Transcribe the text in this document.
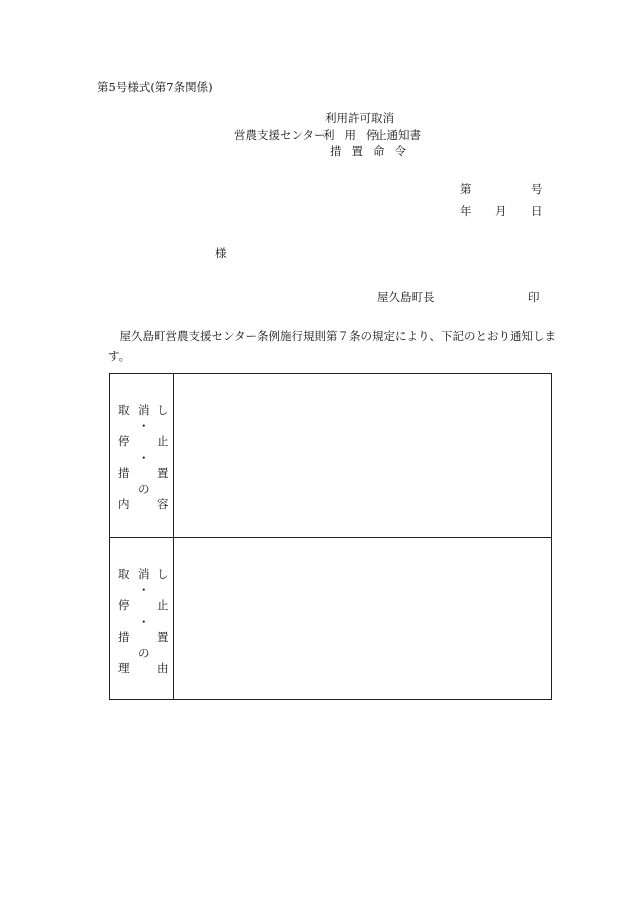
第5号様式(第7条関係)
利用許可取消
営農支援センター
利 用 停
止通知書
措 置 命 令
第	号
年 月 日
様
屋久島町長	印
屋久島町営農支援センター条例施行規則第７条の規定により、下記のとおり通知します。
取 消 し
・
停 止
・
措 置
の
内 容
取 消 し
・
停 止
・
措 置
の
理 由
